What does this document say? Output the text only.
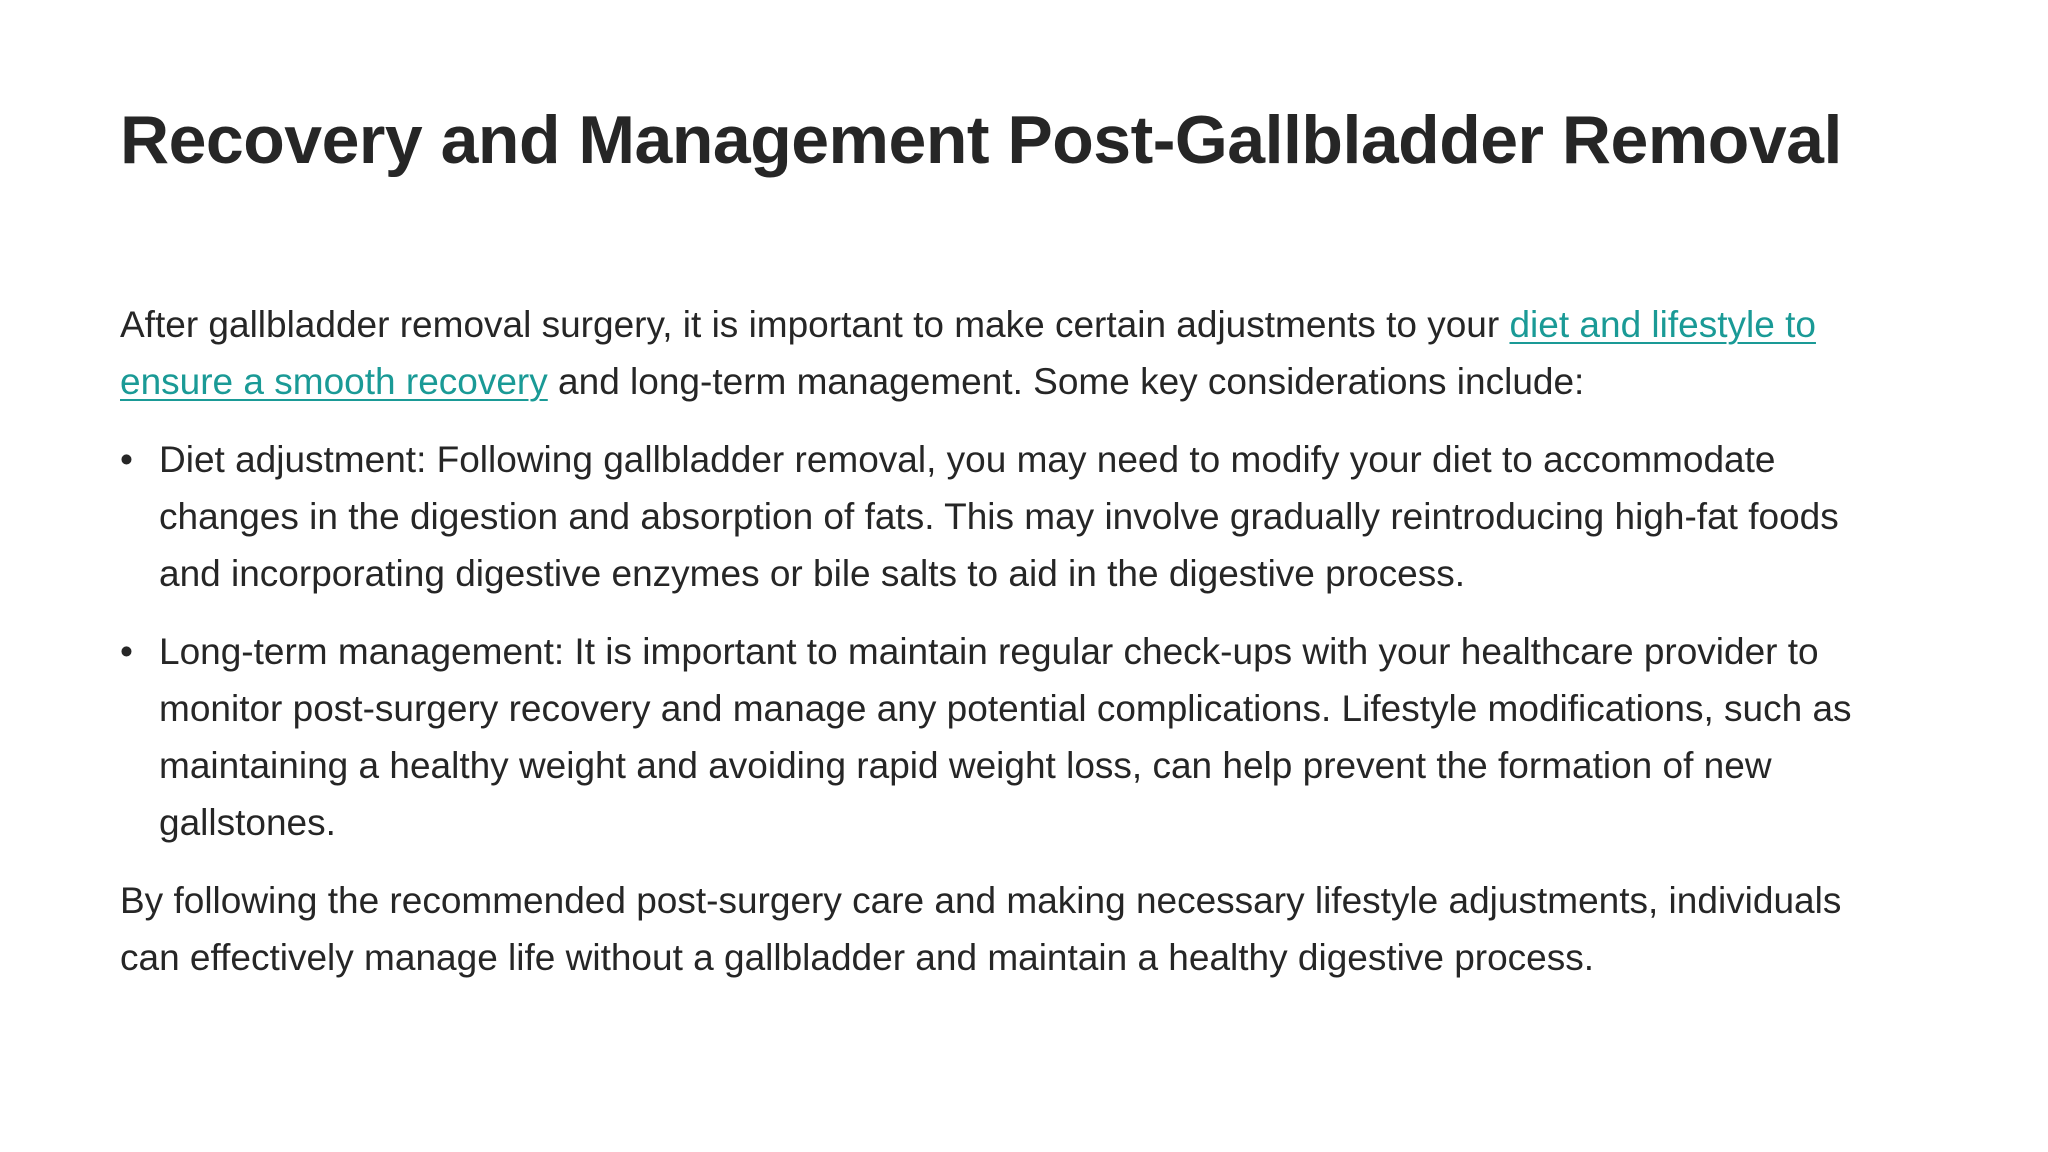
Recovery and Management Post-Gallbladder Removal

After gallbladder removal surgery, it is important to make certain adjustments to your diet and lifestyle to ensure a smooth recovery and long-term management. Some key considerations include:

• Diet adjustment: Following gallbladder removal, you may need to modify your diet to accommodate changes in the digestion and absorption of fats. This may involve gradually reintroducing high-fat foods and incorporating digestive enzymes or bile salts to aid in the digestive process.
• Long-term management: It is important to maintain regular check-ups with your healthcare provider to monitor post-surgery recovery and manage any potential complications. Lifestyle modifications, such as maintaining a healthy weight and avoiding rapid weight loss, can help prevent the formation of new gallstones.

By following the recommended post-surgery care and making necessary lifestyle adjustments, individuals can effectively manage life without a gallbladder and maintain a healthy digestive process.
